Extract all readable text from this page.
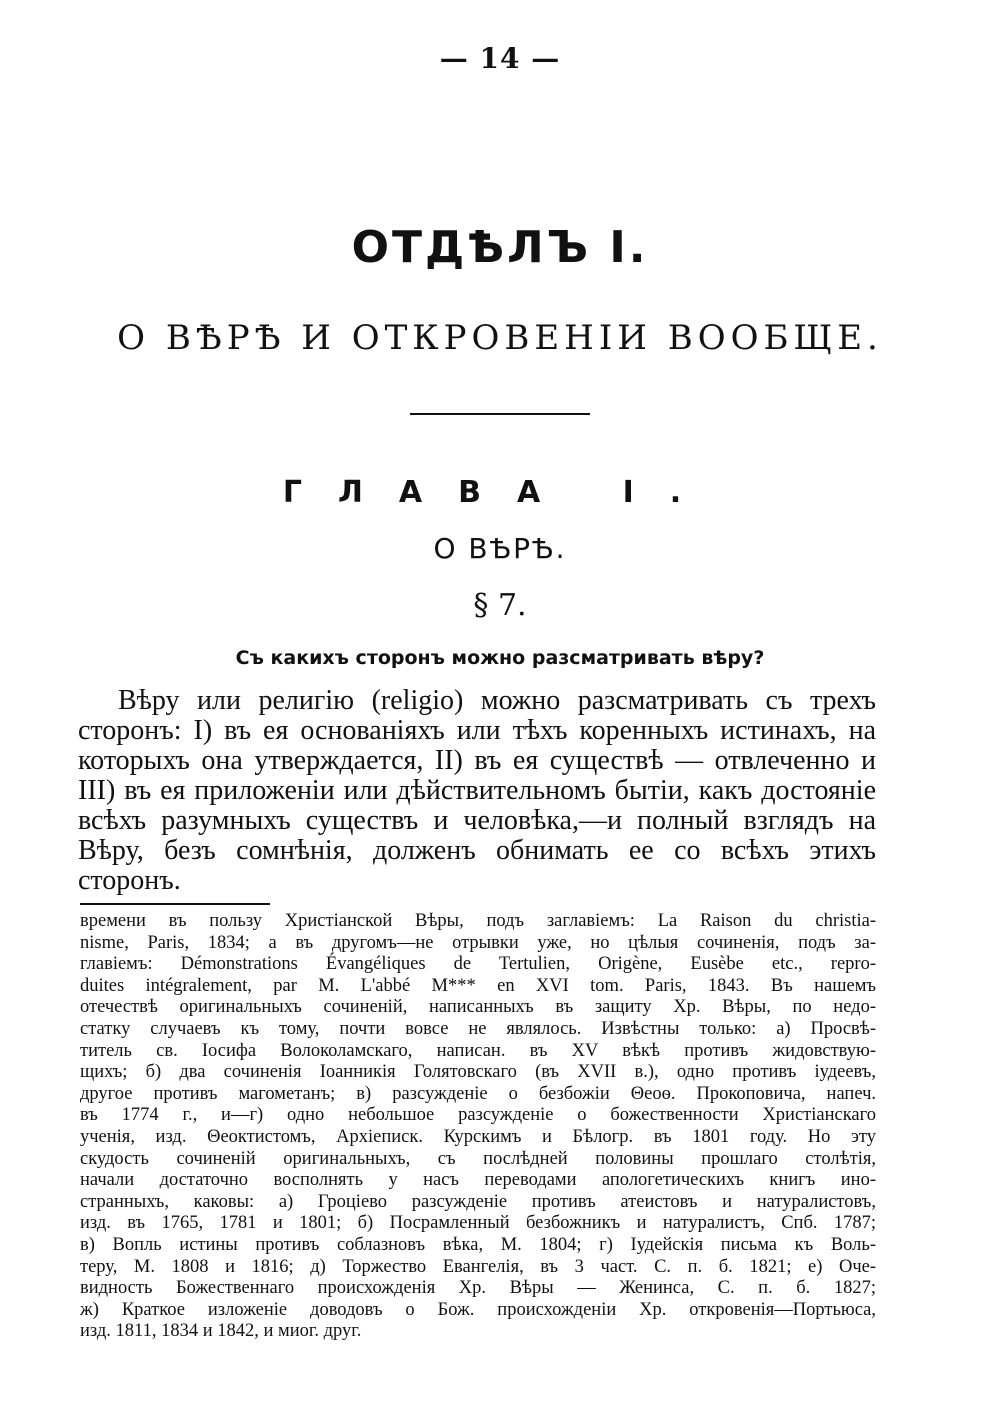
— 14 —
ОТДѢЛЪ I.
О ВѢРѢ И ОТКРОВЕНIИ ВООБЩЕ.
ГЛАВА I.
О ВѢРѢ.
§ 7.
Съ какихъ сторонъ можно разсматривать вѣру?
Вѣру или религію (religio) можно разсматривать съ трехъ сторонъ: I) въ ея основаніяхъ или тѣхъ коренныхъ истинахъ, на которыхъ она утверждается, II) въ ея существѣ — отвлеченно и III) въ ея приложеніи или дѣйствительномъ бытіи, какъ достояніе всѣхъ разумныхъ существъ и человѣка,—и полный взглядъ на Вѣру, безъ сомнѣнія, долженъ обнимать ее со всѣхъ этихъ сторонъ.
времени въ пользу Христіанской Вѣры, подъ заглавіемъ: La Raison du christia-
nisme, Paris, 1834; а въ другомъ—не отрывки уже, но цѣлыя сочиненія, подъ за-
главіемъ: Démonstrations Évangéliques de Tertulien, Origène, Eusèbe etc., repro-
duites intégralement, par M. L'abbé M*** en XVI tom. Paris, 1843. Въ нашемъ
отечествѣ оригинальныхъ сочиненій, написанныхъ въ защиту Хр. Вѣры, по недо-
статку случаевъ къ тому, почти вовсе не являлось. Извѣстны только: а) Просвѣ-
титель св. Іосифа Волоколамскаго, написан. въ XV вѣкѣ противъ жидовствую-
щихъ; б) два сочиненія Іоанникія Голятовскаго (въ XVII в.), одно противъ іудеевъ,
другое противъ магометанъ; в) разсужденіе о безбожіи Θеоѳ. Прокоповича, напеч.
въ 1774 г., и—г) одно небольшое разсужденіе о божественности Христіанскаго
ученія, изд. Θеоктистомъ, Архіеписк. Курскимъ и Бѣлогр. въ 1801 году. Но эту
скудость сочиненій оригинальныхъ, съ послѣдней половины прошлаго столѣтія,
начали достаточно восполнять у насъ переводами апологетическихъ книгъ ино-
странныхъ, каковы: а) Гроціево разсужденіе противъ атеистовъ и натуралистовъ,
изд. въ 1765, 1781 и 1801; б) Посрамленный безбожникъ и натуралистъ, Спб. 1787;
в) Вопль истины противъ соблазновъ вѣка, М. 1804; г) Іудейскія письма къ Воль-
теру, М. 1808 и 1816; д) Торжество Евангелія, въ 3 част. С. п. б. 1821; е) Оче-
видность Божественнаго происхожденія Хр. Вѣры — Женинса, С. п. б. 1827;
ж) Краткое изложеніе доводовъ о Бож. происхожденіи Хр. откровенія—Портьюса,
изд. 1811, 1834 и 1842, и миог. друг.
